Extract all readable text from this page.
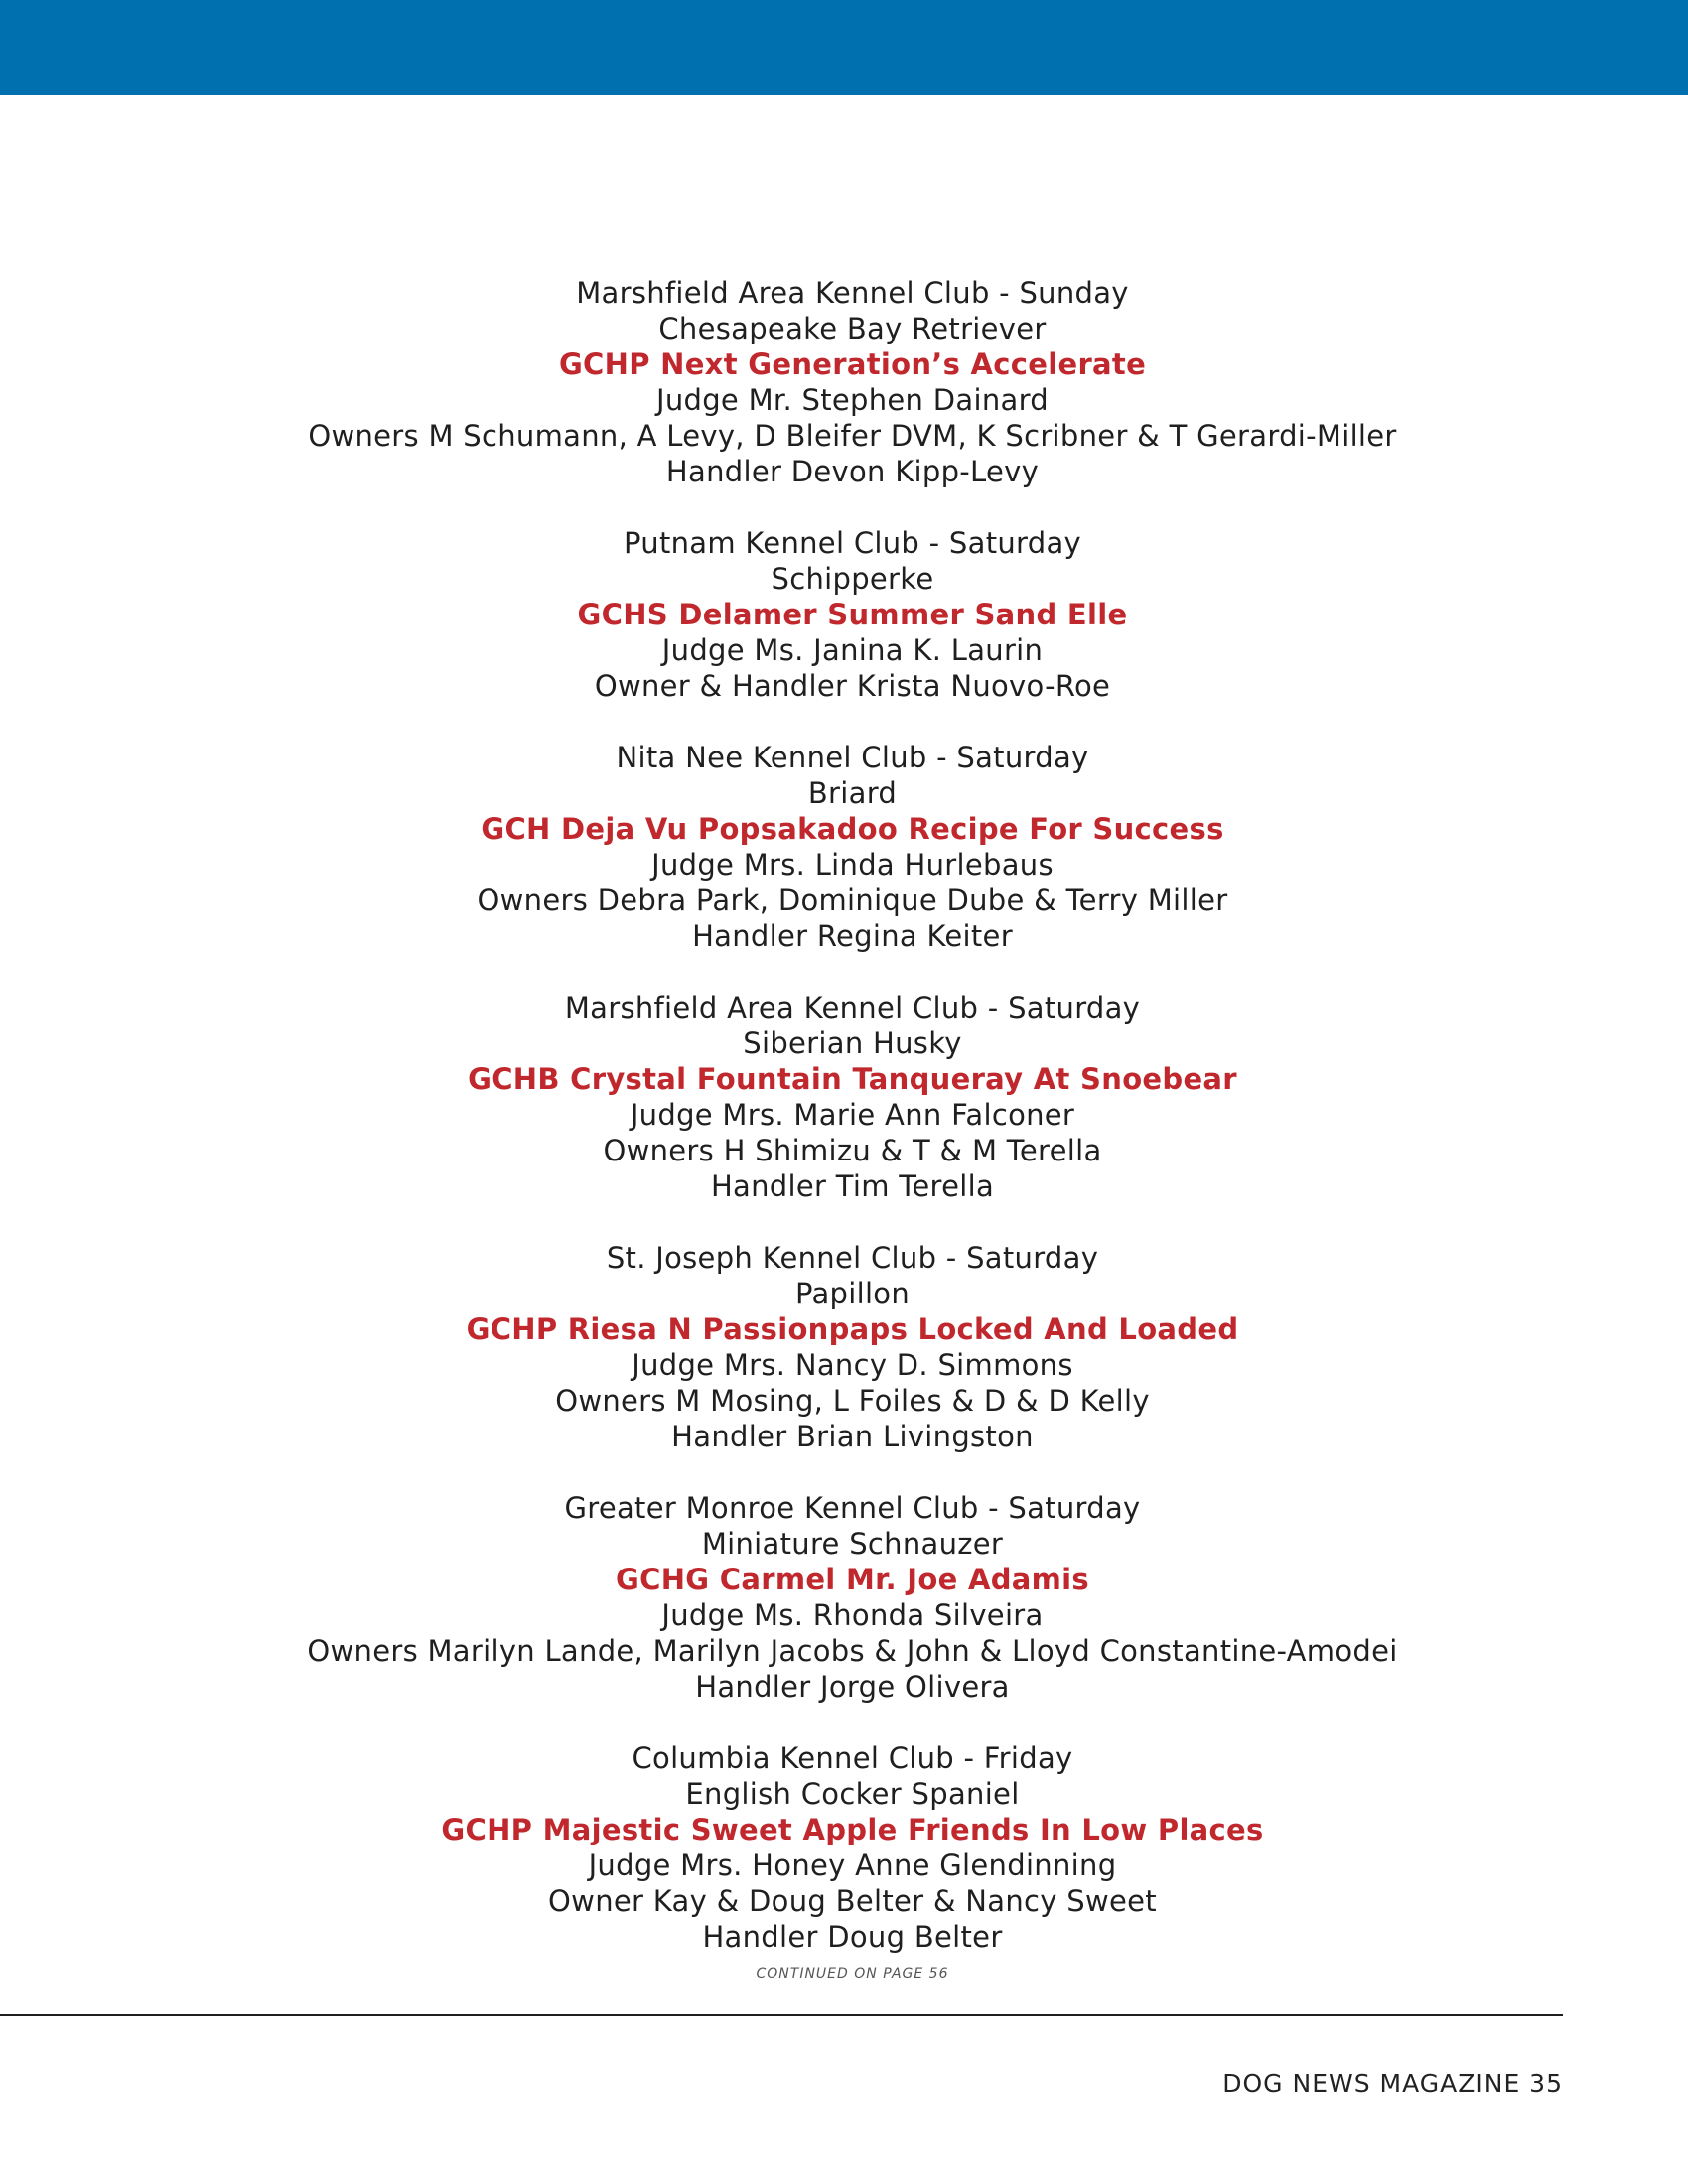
Marshfield Area Kennel Club - Sunday
Chesapeake Bay Retriever
GCHP Next Generation’s Accelerate
Judge Mr. Stephen Dainard
Owners M Schumann, A Levy, D Bleifer DVM, K Scribner & T Gerardi-Miller
Handler Devon Kipp-Levy
Putnam Kennel Club - Saturday
Schipperke
GCHS Delamer Summer Sand Elle
Judge Ms. Janina K. Laurin
Owner & Handler Krista Nuovo-Roe
Nita Nee Kennel Club - Saturday
Briard
GCH Deja Vu Popsakadoo Recipe For Success
Judge Mrs. Linda Hurlebaus
Owners Debra Park, Dominique Dube & Terry Miller
Handler Regina Keiter
Marshfield Area Kennel Club - Saturday
Siberian Husky
GCHB Crystal Fountain Tanqueray At Snoebear
Judge Mrs. Marie Ann Falconer
Owners H Shimizu & T & M Terella
Handler Tim Terella
St. Joseph Kennel Club - Saturday
Papillon
GCHP Riesa N Passionpaps Locked And Loaded
Judge Mrs. Nancy D. Simmons
Owners M Mosing, L Foiles & D & D Kelly
Handler Brian Livingston
Greater Monroe Kennel Club - Saturday
Miniature Schnauzer
GCHG Carmel Mr. Joe Adamis
Judge Ms. Rhonda Silveira
Owners Marilyn Lande, Marilyn Jacobs & John & Lloyd Constantine-Amodei
Handler Jorge Olivera
Columbia Kennel Club - Friday
English Cocker Spaniel
GCHP Majestic Sweet Apple Friends In Low Places
Judge Mrs. Honey Anne Glendinning
Owner Kay & Doug Belter & Nancy Sweet
Handler Doug Belter
CONTINUED ON PAGE 56
DOG NEWS MAGAZINE 35
